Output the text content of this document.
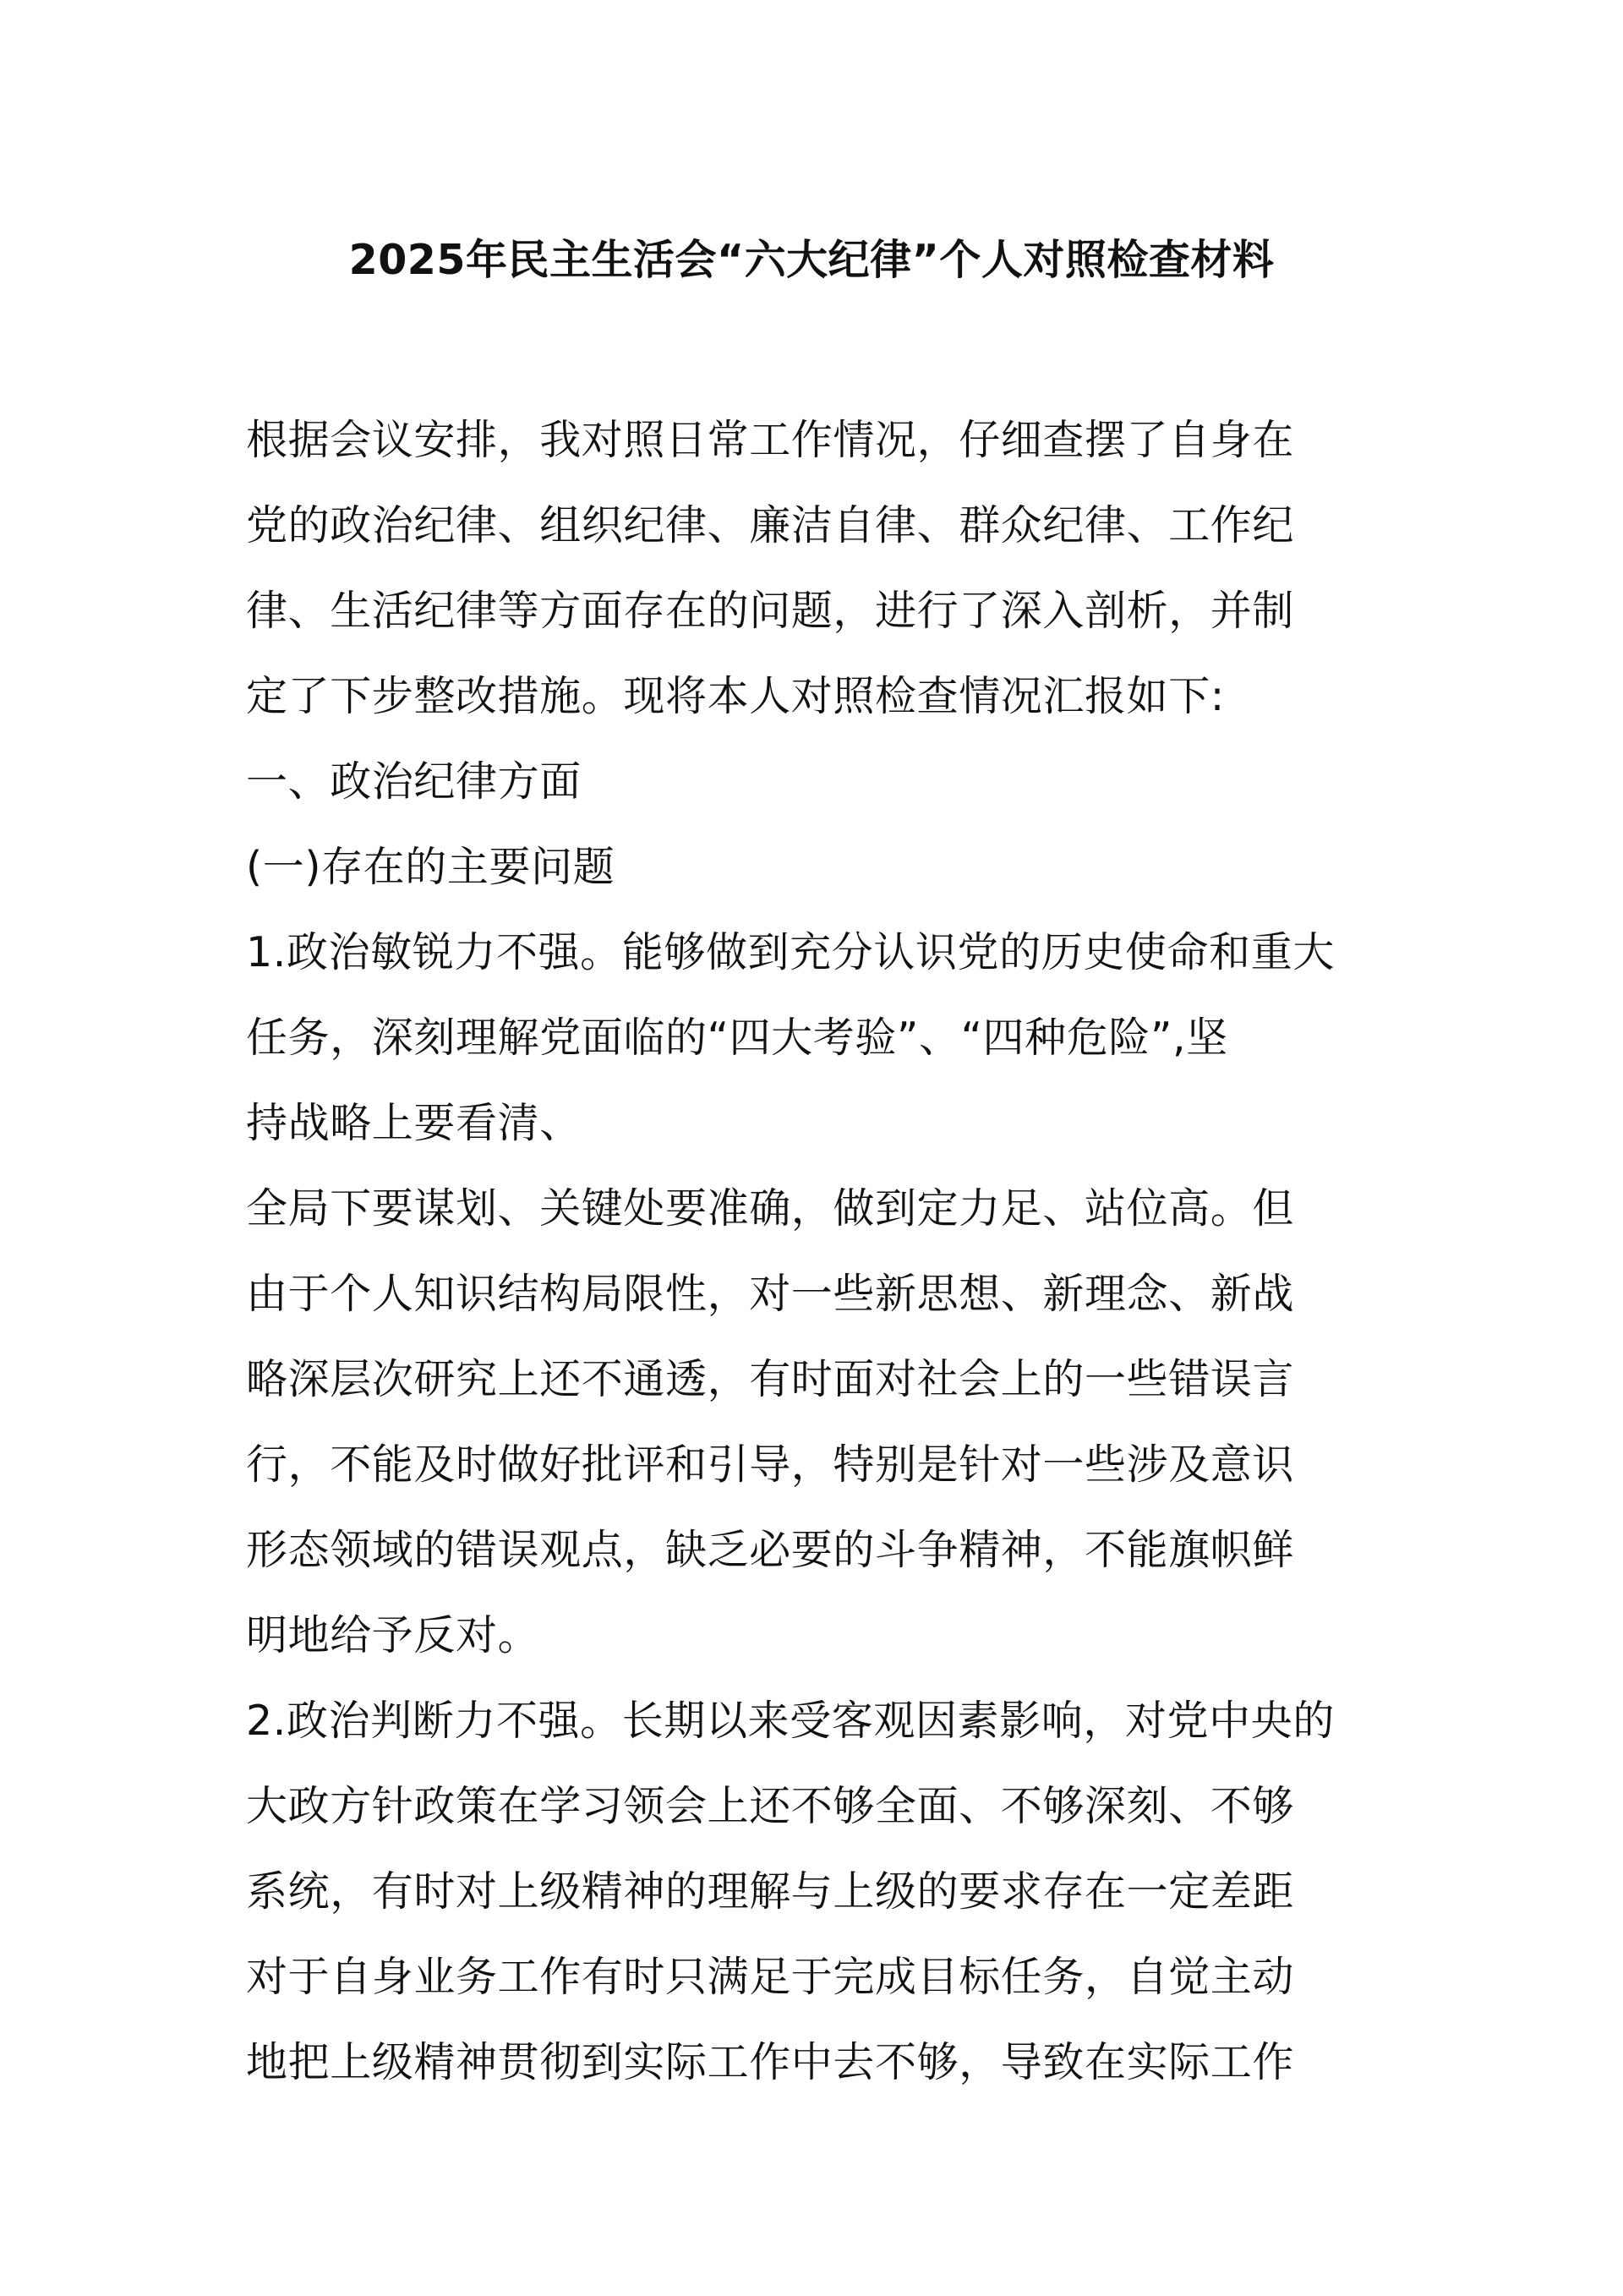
2025年民主生活会“六大纪律”个人对照检查材料
根据会议安排，我对照日常工作情况，仔细查摆了自身在
党的政治纪律、组织纪律、廉洁自律、群众纪律、工作纪
律、生活纪律等方面存在的问题，进行了深入剖析，并制
定了下步整改措施。现将本人对照检查情况汇报如下:
一、政治纪律方面
(一)存在的主要问题
1.政治敏锐力不强。能够做到充分认识党的历史使命和重大
任务，深刻理解党面临的“四大考验”、“四种危险”,坚
持战略上要看清、
全局下要谋划、关键处要准确，做到定力足、站位高。但
由于个人知识结构局限性，对一些新思想、新理念、新战
略深层次研究上还不通透，有时面对社会上的一些错误言
行，不能及时做好批评和引导，特别是针对一些涉及意识
形态领域的错误观点，缺乏必要的斗争精神，不能旗帜鲜
明地给予反对。
2.政治判断力不强。长期以来受客观因素影响，对党中央的
大政方针政策在学习领会上还不够全面、不够深刻、不够
系统，有时对上级精神的理解与上级的要求存在一定差距
对于自身业务工作有时只满足于完成目标任务，自觉主动
地把上级精神贯彻到实际工作中去不够，导致在实际工作
